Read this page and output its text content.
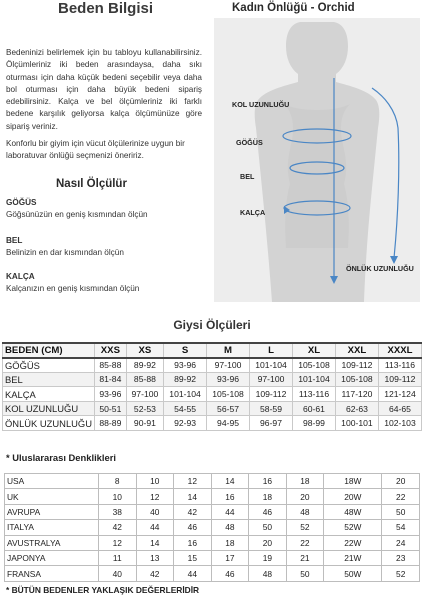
Beden Bilgisi	Kadın Önlüğü - Orchid

Bedeninizi belirlemek için bu tabloyu kullanabilirsiniz. Ölçümleriniz iki beden arasındaysa, daha sıkı oturması için daha küçük bedeni seçebilir veya daha bol oturması için daha büyük bedeni sipariş edebilirsiniz. Kalça ve bel ölçümleriniz iki farklı bedene karşılık geliyorsa kalça ölçümünüze göre sipariş veriniz.

Konforlu bir giyim için vücut ölçülerinize uygun bir laboratuvar önlüğü seçmenizi öneririz.

Nasıl Ölçülür
GÖĞÜS
Göğsünüzün en geniş kısmından ölçün
BEL
Belinizin en dar kısmından ölçün
KALÇA
Kalçanızın en geniş kısmından ölçün
KOL UZUNLUĞU
GÖĞÜS
BEL
KALÇA
ÖNLÜK UZUNLUĞU
Giysi Ölçüleri
BEDEN (CM)	XXS	XS	S	M	L	XL	XXL	XXXL
GÖĞÜS	85-88	89-92	93-96	97-100	101-104	105-108	109-112	113-116
BEL	81-84	85-88	89-92	93-96	97-100	101-104	105-108	109-112
KALÇA	93-96	97-100	101-104	105-108	109-112	113-116	117-120	121-124
KOL UZUNLUĞU	50-51	52-53	54-55	56-57	58-59	60-61	62-63	64-65
ÖNLÜK UZUNLUĞU	88-89	90-91	92-93	94-95	96-97	98-99	100-101	102-103
* Uluslararası Denklikleri
USA	8	10	12	14	16	18	18W	20
UK	10	12	14	16	18	20	20W	22
AVRUPA	38	40	42	44	46	48	48W	50
ITALYA	42	44	46	48	50	52	52W	54
AVUSTRALYA	12	14	16	18	20	22	22W	24
JAPONYA	11	13	15	17	19	21	21W	23
FRANSA	40	42	44	46	48	50	50W	52
* BÜTÜN BEDENLER YAKLAŞIK DEĞERLERİDİR
